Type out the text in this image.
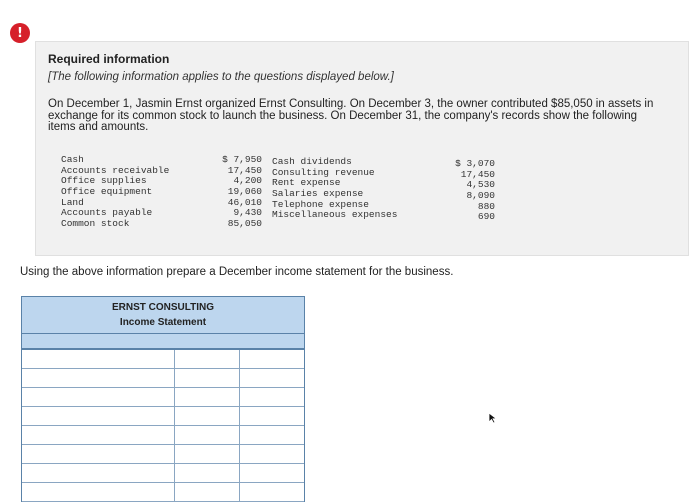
!
Required information
[The following information applies to the questions displayed below.]
On December 1, Jasmin Ernst organized Ernst Consulting. On December 3, the owner contributed $85,050 in assets in exchange for its common stock to launch the business. On December 31, the company's records show the following items and amounts.
Cash
Accounts receivable
Office supplies
Office equipment
Land
Accounts payable
Common stock
$ 7,950
17,450
4,200
19,060
46,010
9,430
85,050
Cash dividends
Consulting revenue
Rent expense
Salaries expense
Telephone expense
Miscellaneous expenses
$ 3,070
17,450
4,530
8,090
880
690
Using the above information prepare a December income statement for the business.
ERNST CONSULTING
Income Statement
